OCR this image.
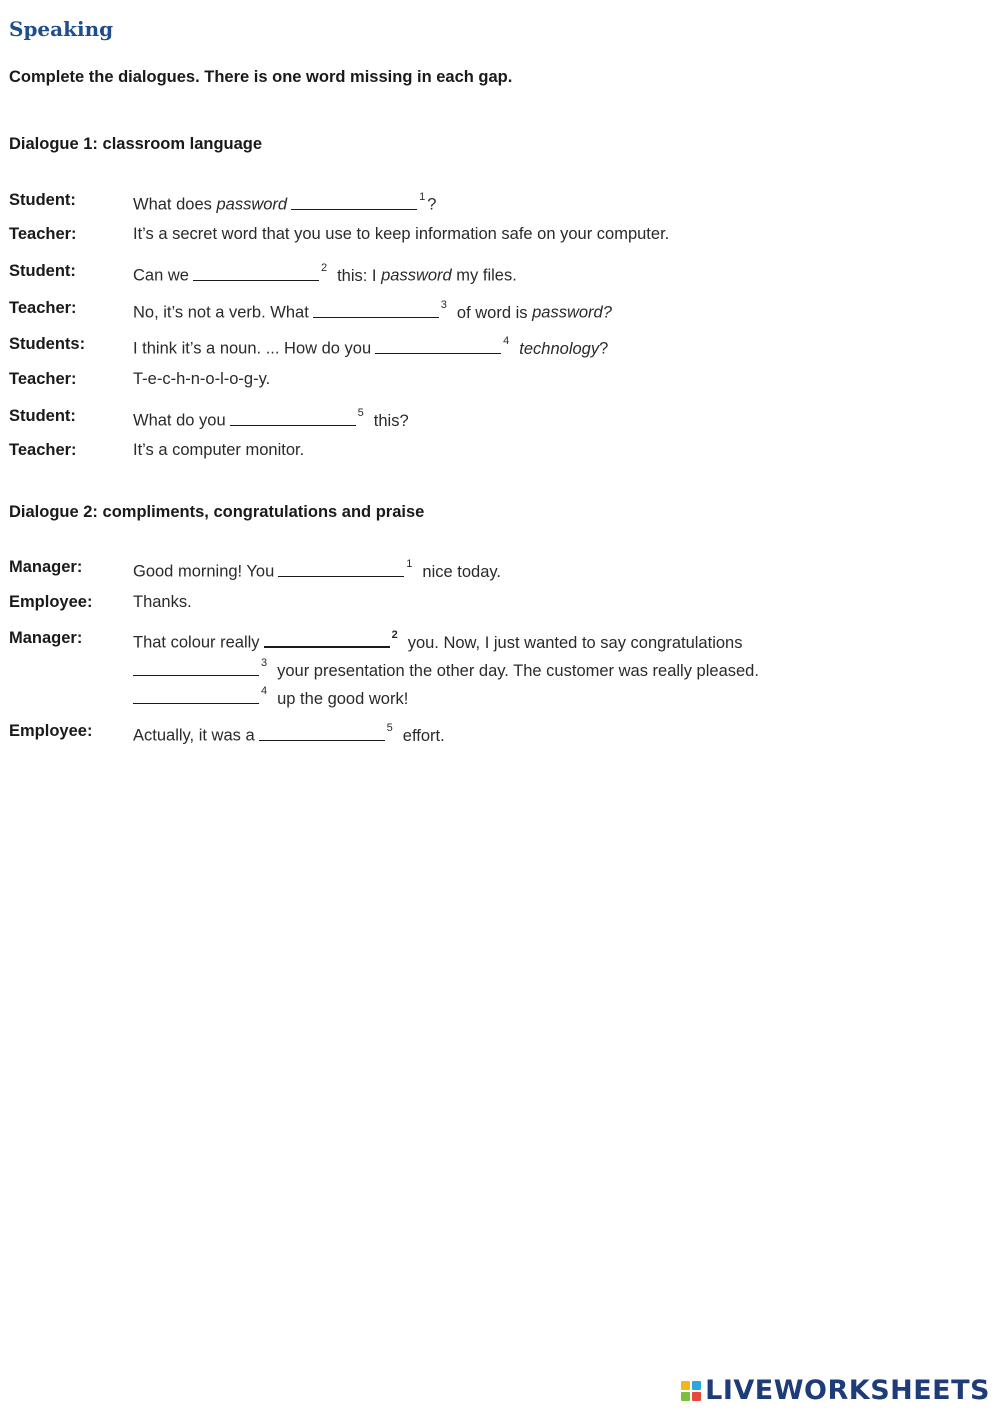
Speaking
Complete the dialogues. There is one word missing in each gap.
Dialogue 1: classroom language
Student:	What does password	$^1$ ?
Teacher:	It’s a secret word that you use to keep information safe on your computer.
Student:	Can we	$^2$ this: I password my files.
Teacher:	No, it’s not a verb. What	$^3$ of word is password?
Students:	I think it’s a noun. ... How do you	$^4$ technology?
Teacher:	T-e-c-h-n-o-l-o-g-y.
Student:	What do you	$^5$ this?
Teacher:	It’s a computer monitor.
Dialogue 2: compliments, congratulations and praise
Manager:	Good morning! You	$^1$ nice today.
Employee: Thanks.
Manager:	That colour really	$^2$ you. Now, I just wanted to say congratulations
$^3$ your presentation the other day. The customer was really pleased.
$^4$ up the good work!
Employee: Actually, it was a	$^5$ effort.
LIVEWORKSHEETS
